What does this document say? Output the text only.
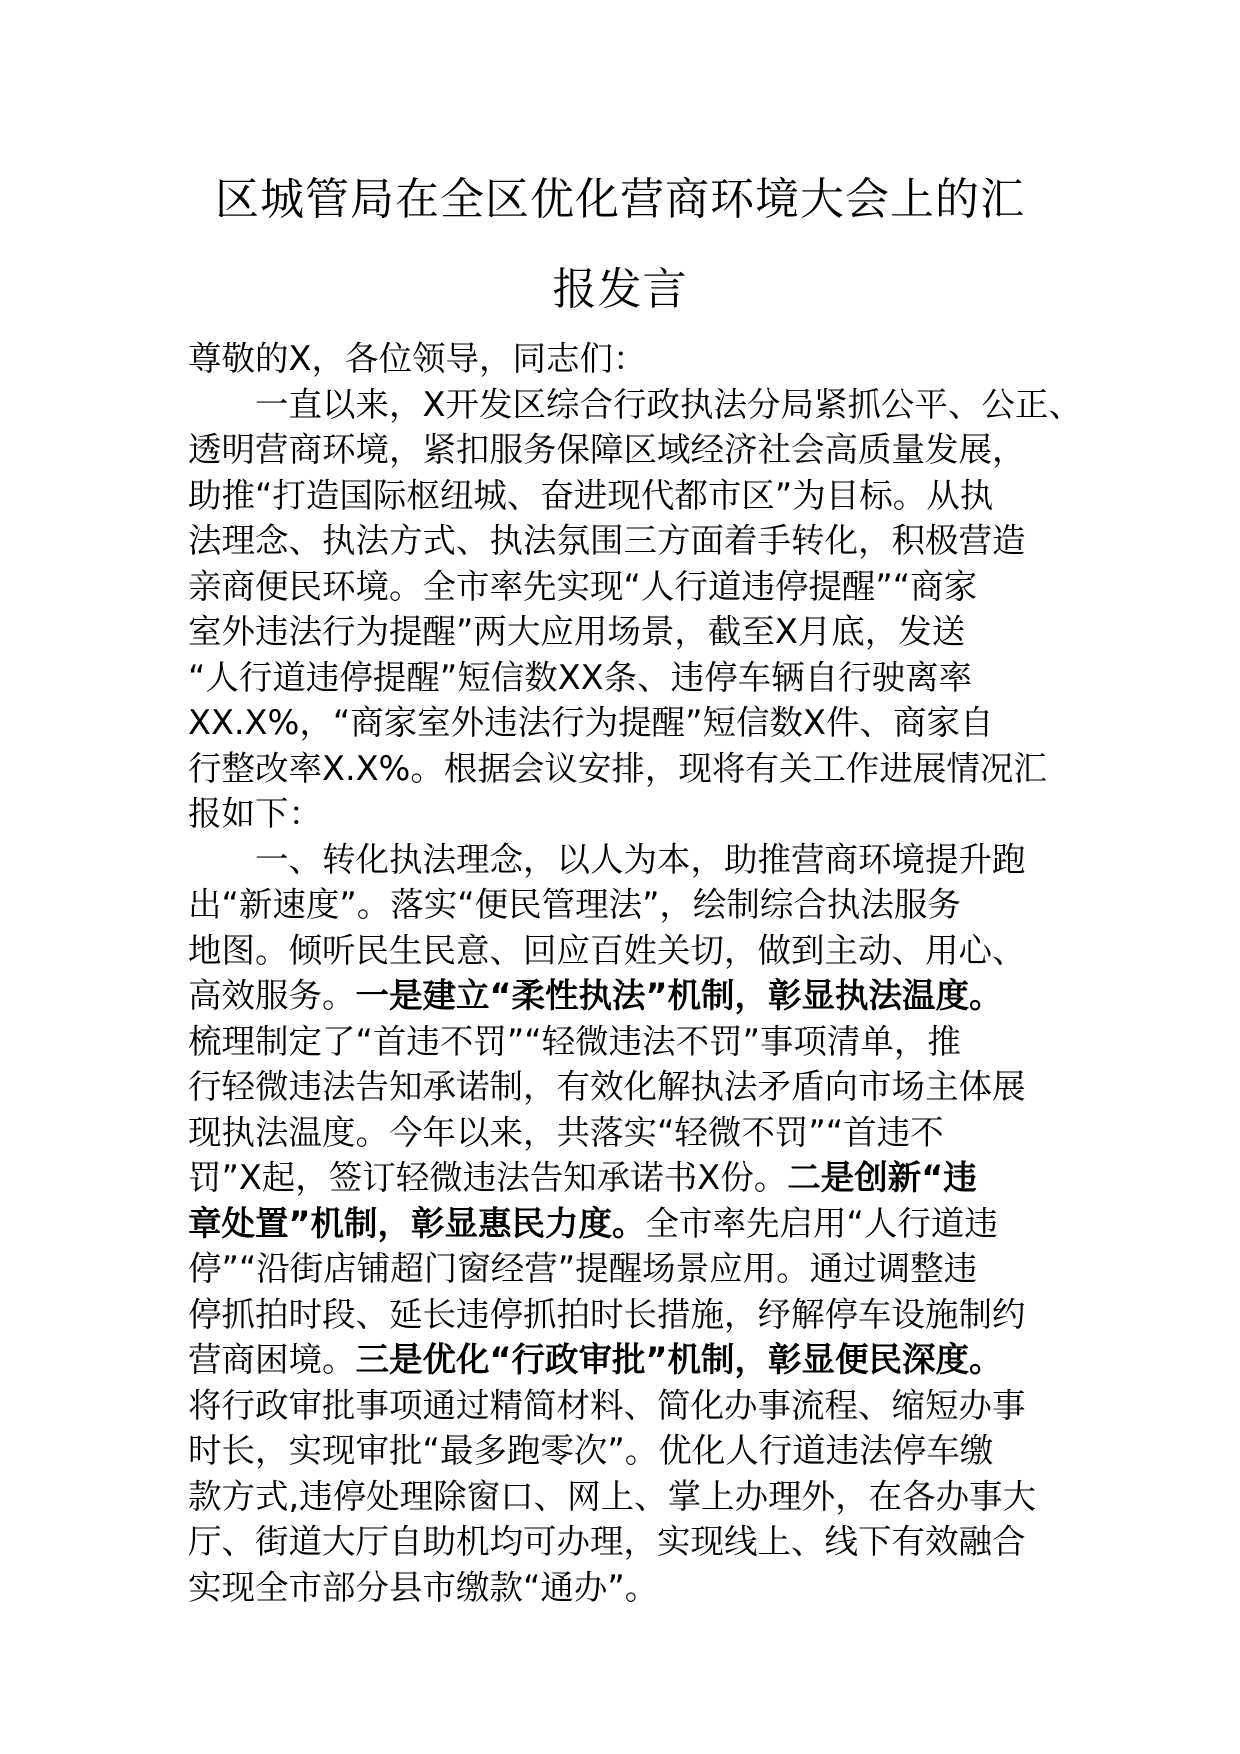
区城管局在全区优化营商环境大会上的汇
报发言
尊敬的X，各位领导，同志们：
一直以来，X开发区综合行政执法分局紧抓公平、公正、
透明营商环境，紧扣服务保障区域经济社会高质量发展，
助推“打造国际枢纽城、奋进现代都市区”为目标。从执
法理念、执法方式、执法氛围三方面着手转化，积极营造
亲商便民环境。全市率先实现“人行道违停提醒”“商家
室外违法行为提醒”两大应用场景，截至X月底，发送
“人行道违停提醒”短信数XX条、违停车辆自行驶离率
XX.X%，“商家室外违法行为提醒”短信数X件、商家自
行整改率X.X%。根据会议安排，现将有关工作进展情况汇
报如下：
一、转化执法理念，以人为本，助推营商环境提升跑
出“新速度”。落实“便民管理法”，绘制综合执法服务
地图。倾听民生民意、回应百姓关切，做到主动、用心、
高效服务。一是建立“柔性执法”机制，彰显执法温度。
梳理制定了“首违不罚”“轻微违法不罚”事项清单，推
行轻微违法告知承诺制，有效化解执法矛盾向市场主体展
现执法温度。今年以来，共落实“轻微不罚”“首违不
罚”X起，签订轻微违法告知承诺书X份。二是创新“违
章处置”机制，彰显惠民力度。全市率先启用“人行道违
停”“沿街店铺超门窗经营”提醒场景应用。通过调整违
停抓拍时段、延长违停抓拍时长措施，纾解停车设施制约
营商困境。三是优化“行政审批”机制，彰显便民深度。
将行政审批事项通过精简材料、简化办事流程、缩短办事
时长，实现审批“最多跑零次”。优化人行道违法停车缴
款方式,违停处理除窗口、网上、掌上办理外，在各办事大
厅、街道大厅自助机均可办理，实现线上、线下有效融合
实现全市部分县市缴款“通办”。
